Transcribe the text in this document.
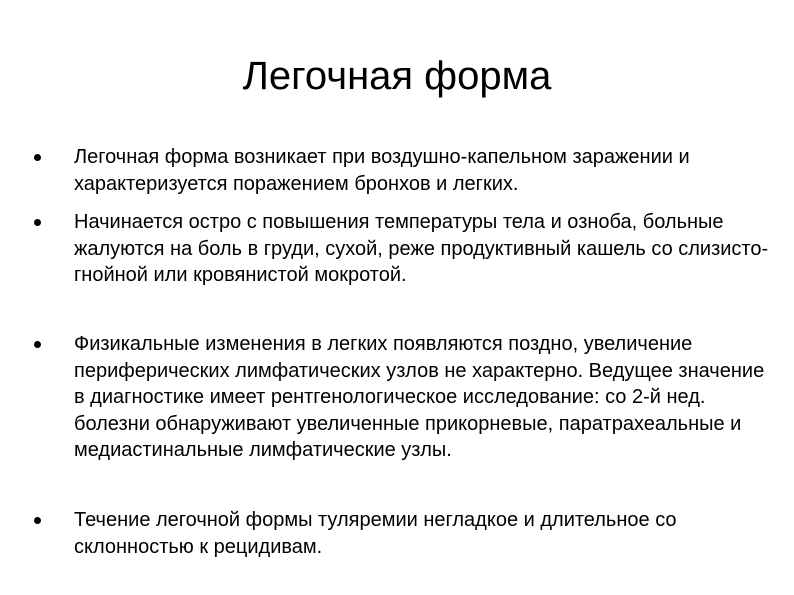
Легочная форма
Легочная форма возникает при воздушно-капельном заражении и характеризуется поражением бронхов и легких.
Начинается остро с повышения температуры тела и озноба, больные жалуются на боль в груди, сухой, реже продуктивный кашель со слизисто-гнойной или кровянистой мокротой.
Физикальные изменения в легких появляются поздно, увеличение периферических лимфатических узлов не характерно. Ведущее значение в диагностике имеет рентгенологическое исследование: со 2-й нед. болезни обнаруживают увеличенные прикорневые, паратрахеальные и медиастинальные лимфатические узлы.
Течение легочной формы туляремии негладкое и длительное со склонностью к рецидивам.
